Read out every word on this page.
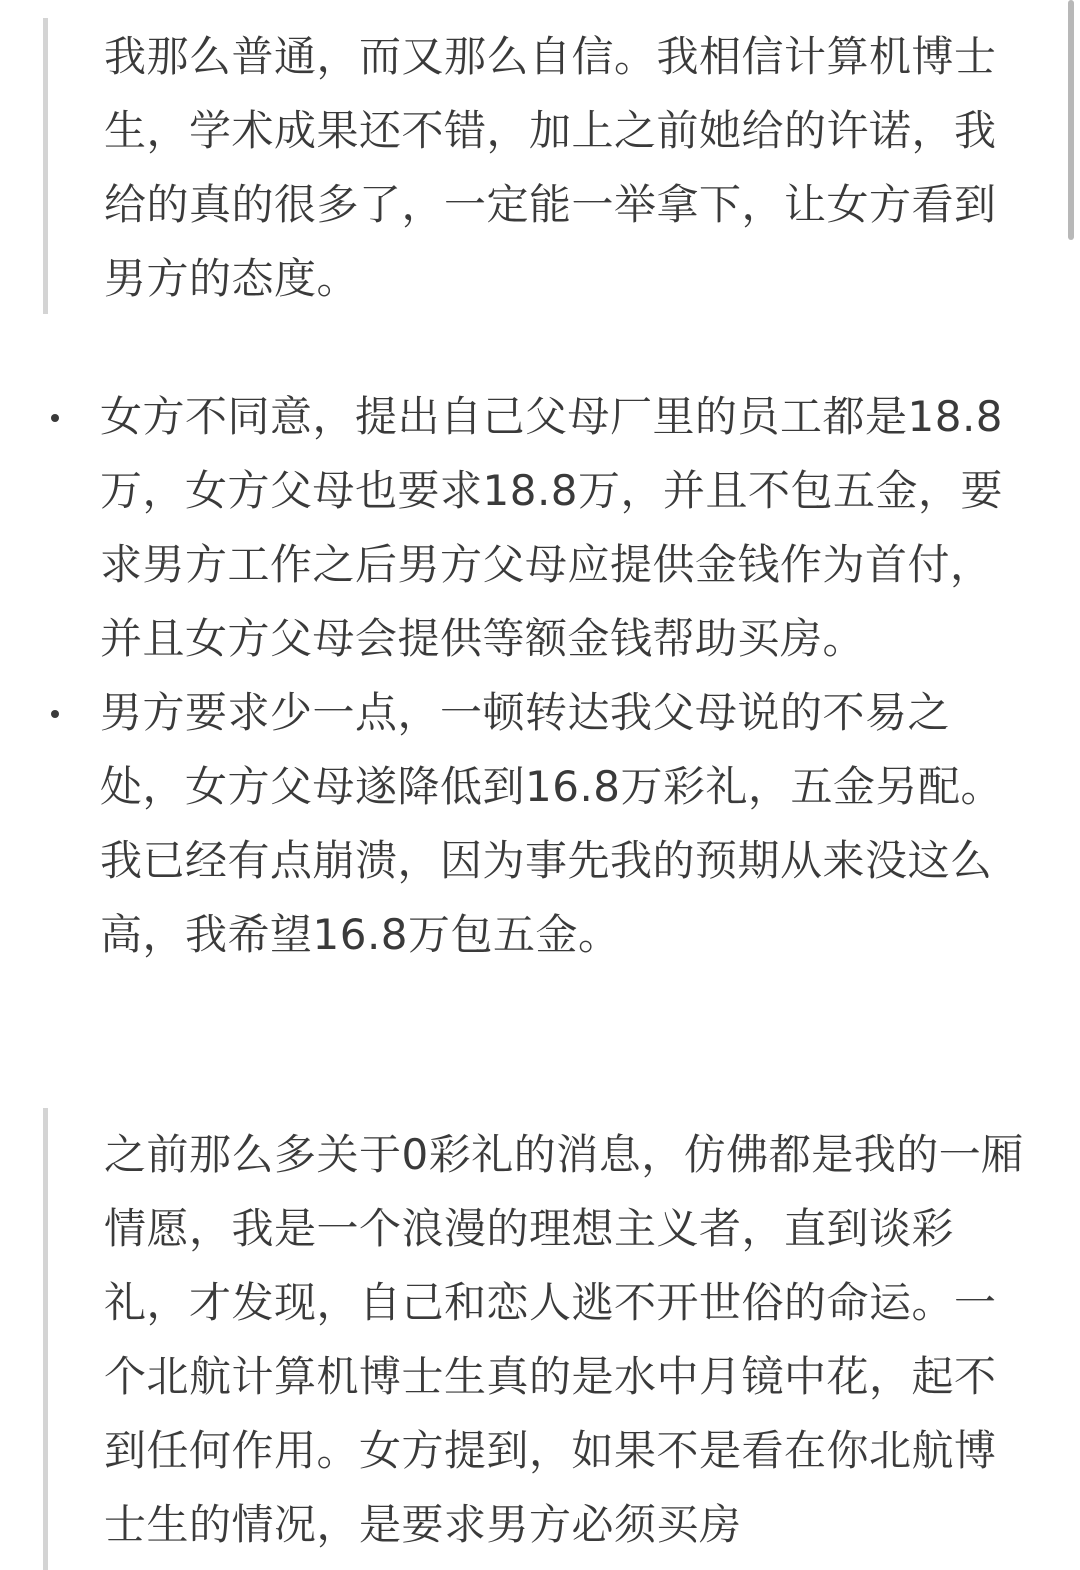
我那么普通，而又那么自信。我相信计算机博士生，学术成果还不错，加上之前她给的许诺，我给的真的很多了，一定能一举拿下，让女方看到男方的态度。

女方不同意，提出自己父母厂里的员工都是18.8万，女方父母也要求18.8万，并且不包五金，要求男方工作之后男方父母应提供金钱作为首付，并且女方父母会提供等额金钱帮助买房。
男方要求少一点，一顿转达我父母说的不易之处，女方父母遂降低到16.8万彩礼，五金另配。我已经有点崩溃，因为事先我的预期从来没这么高，我希望16.8万包五金。

之前那么多关于0彩礼的消息，仿佛都是我的一厢情愿，我是一个浪漫的理想主义者，直到谈彩礼，才发现，自己和恋人逃不开世俗的命运。一个北航计算机博士生真的是水中月镜中花，起不到任何作用。女方提到，如果不是看在你北航博士生的情况，是要求男方必须买房
